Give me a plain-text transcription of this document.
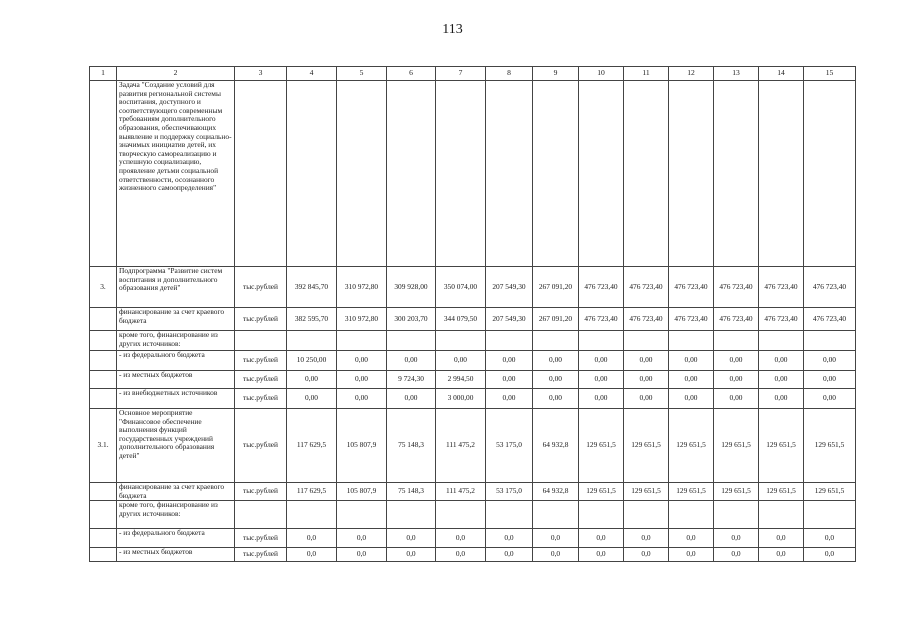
113
1	2	3	4	5	6	7	8	9	10	11	12	13	14	15
	Задача "Создание условий для развития региональной системы воспитания, доступного и соответствующего современным требованиям дополнительного образования, обеспечивающих выявление и поддержку социально-значимых инициатив детей, их творческую самореализацию и успешную социализацию, проявление детьми социальной ответственности, осознанного жизненного самоопределения"													
3.	Подпрограмма "Развитие систем воспитания и дополнительного образования детей"	тыс.рублей	392 845,70	310 972,80	309 928,00	350 074,00	207 549,30	267 091,20	476 723,40	476 723,40	476 723,40	476 723,40	476 723,40	476 723,40
	финансирование за счет краевого бюджета	тыс.рублей	382 595,70	310 972,80	300 203,70	344 079,50	207 549,30	267 091,20	476 723,40	476 723,40	476 723,40	476 723,40	476 723,40	476 723,40
	кроме того, финансирование из других источников:													
	- из федерального бюджета	тыс.рублей	10 250,00	0,00	0,00	0,00	0,00	0,00	0,00	0,00	0,00	0,00	0,00	0,00
	- из местных бюджетов	тыс.рублей	0,00	0,00	9 724,30	2 994,50	0,00	0,00	0,00	0,00	0,00	0,00	0,00	0,00
	- из внебюджетных источников	тыс.рублей	0,00	0,00	0,00	3 000,00	0,00	0,00	0,00	0,00	0,00	0,00	0,00	0,00
3.1.	Основное мероприятие "Финансовое обеспечение выполнения функций государственных учреждений дополнительного образования детей"	тыс.рублей	117 629,5	105 807,9	75 148,3	111 475,2	53 175,0	64 932,8	129 651,5	129 651,5	129 651,5	129 651,5	129 651,5	129 651,5
	финансирование за счет краевого бюджета	тыс.рублей	117 629,5	105 807,9	75 148,3	111 475,2	53 175,0	64 932,8	129 651,5	129 651,5	129 651,5	129 651,5	129 651,5	129 651,5
	кроме того, финансирование из других источников:													
	- из федерального бюджета	тыс.рублей	0,0	0,0	0,0	0,0	0,0	0,0	0,0	0,0	0,0	0,0	0,0	0,0
	- из местных бюджетов	тыс.рублей	0,0	0,0	0,0	0,0	0,0	0,0	0,0	0,0	0,0	0,0	0,0	0,0
